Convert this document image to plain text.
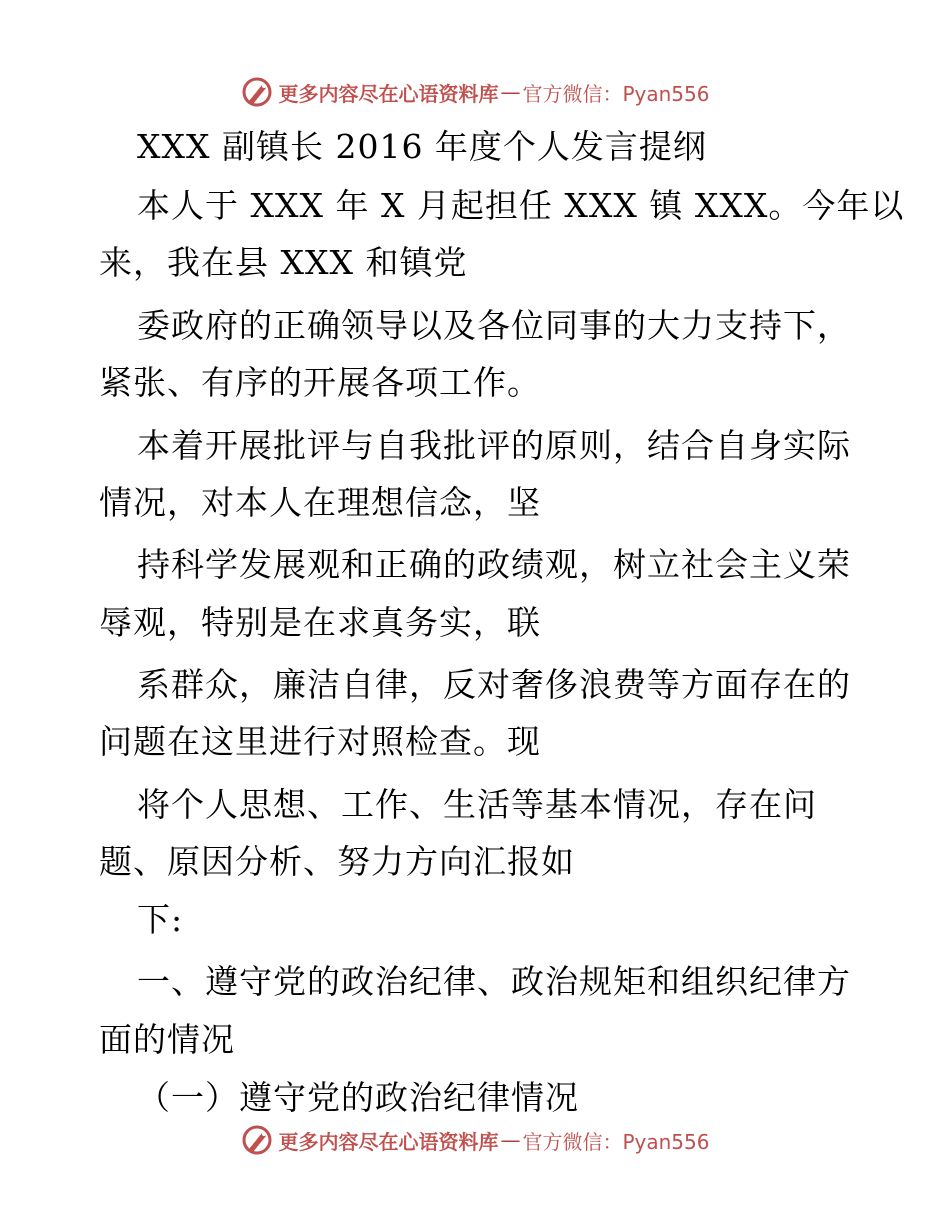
更多内容尽在心语资料库 — 官方微信：Pyan556
XXX 副镇长 2016 年度个人发言提纲
本人于 XXX 年 X 月起担任 XXX 镇 XXX。今年以
来，我在县 XXX 和镇党
委政府的正确领导以及各位同事的大力支持下，
紧张、有序的开展各项工作。
本着开展批评与自我批评的原则，结合自身实际
情况，对本人在理想信念，坚
持科学发展观和正确的政绩观，树立社会主义荣
辱观，特别是在求真务实，联
系群众，廉洁自律，反对奢侈浪费等方面存在的
问题在这里进行对照检查。现
将个人思想、工作、生活等基本情况，存在问
题、原因分析、努力方向汇报如
下:
一、遵守党的政治纪律、政治规矩和组织纪律方
面的情况
（一）遵守党的政治纪律情况
更多内容尽在心语资料库 — 官方微信：Pyan556
